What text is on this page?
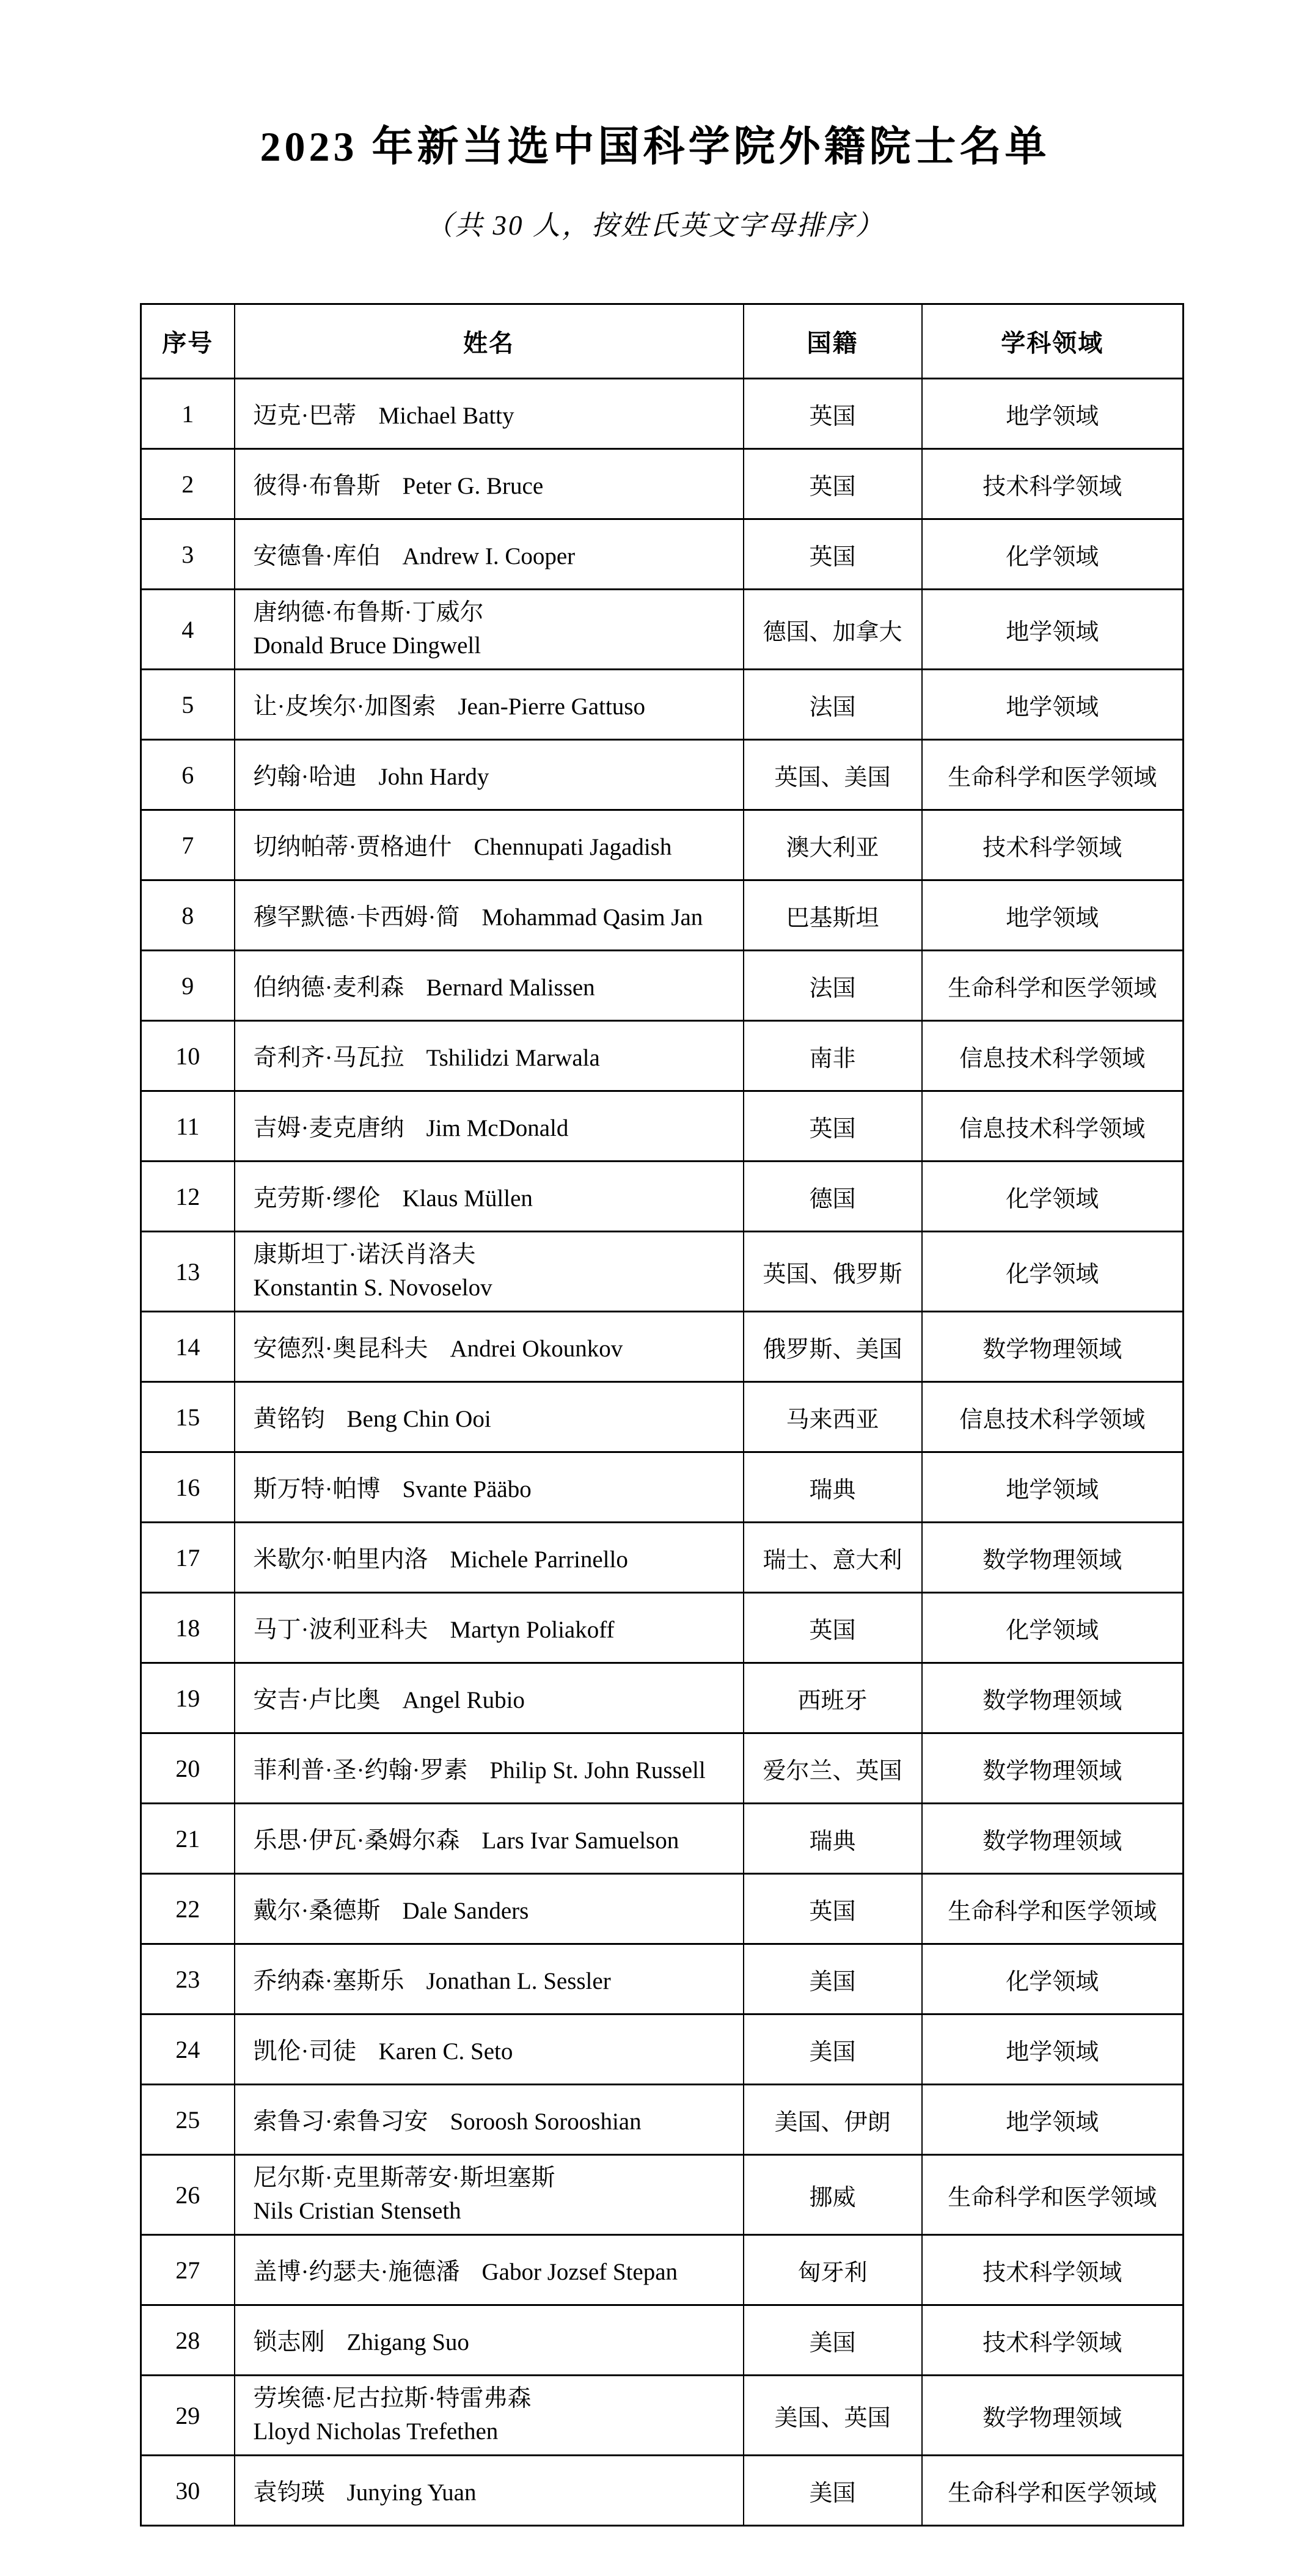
2023 年新当选中国科学院外籍院士名单
（共 30 人，按姓氏英文字母排序）
序号	姓名	国籍	学科领域
1	迈克·巴蒂 Michael Batty	英国	地学领域
2	彼得·布鲁斯 Peter G. Bruce	英国	技术科学领域
3	安德鲁·库伯 Andrew I. Cooper	英国	化学领域
4	唐纳德·布鲁斯·丁威尔
Donald Bruce Dingwell	德国、加拿大	地学领域
5	让·皮埃尔·加图索 Jean-Pierre Gattuso	法国	地学领域
6	约翰·哈迪 John Hardy	英国、美国	生命科学和医学领域
7	切纳帕蒂·贾格迪什 Chennupati Jagadish	澳大利亚	技术科学领域
8	穆罕默德·卡西姆·简 Mohammad Qasim Jan	巴基斯坦	地学领域
9	伯纳德·麦利森 Bernard Malissen	法国	生命科学和医学领域
10	奇利齐·马瓦拉 Tshilidzi Marwala	南非	信息技术科学领域
11	吉姆·麦克唐纳 Jim McDonald	英国	信息技术科学领域
12	克劳斯·缪伦 Klaus Müllen	德国	化学领域
13	康斯坦丁·诺沃肖洛夫
Konstantin S. Novoselov	英国、俄罗斯	化学领域
14	安德烈·奥昆科夫 Andrei Okounkov	俄罗斯、美国	数学物理领域
15	黄铭钧 Beng Chin Ooi	马来西亚	信息技术科学领域
16	斯万特·帕博 Svante Pääbo	瑞典	地学领域
17	米歇尔·帕里内洛 Michele Parrinello	瑞士、意大利	数学物理领域
18	马丁·波利亚科夫 Martyn Poliakoff	英国	化学领域
19	安吉·卢比奥 Angel Rubio	西班牙	数学物理领域
20	菲利普·圣·约翰·罗素 Philip St. John Russell	爱尔兰、英国	数学物理领域
21	乐思·伊瓦·桑姆尔森 Lars Ivar Samuelson	瑞典	数学物理领域
22	戴尔·桑德斯 Dale Sanders	英国	生命科学和医学领域
23	乔纳森·塞斯乐 Jonathan L. Sessler	美国	化学领域
24	凯伦·司徒 Karen C. Seto	美国	地学领域
25	索鲁习·索鲁习安 Soroosh Sorooshian	美国、伊朗	地学领域
26	尼尔斯·克里斯蒂安·斯坦塞斯
Nils Cristian Stenseth	挪威	生命科学和医学领域
27	盖博·约瑟夫·施德潘 Gabor Jozsef Stepan	匈牙利	技术科学领域
28	锁志刚 Zhigang Suo	美国	技术科学领域
29	劳埃德·尼古拉斯·特雷弗森
Lloyd Nicholas Trefethen	美国、英国	数学物理领域
30	袁钧瑛 Junying Yuan	美国	生命科学和医学领域
